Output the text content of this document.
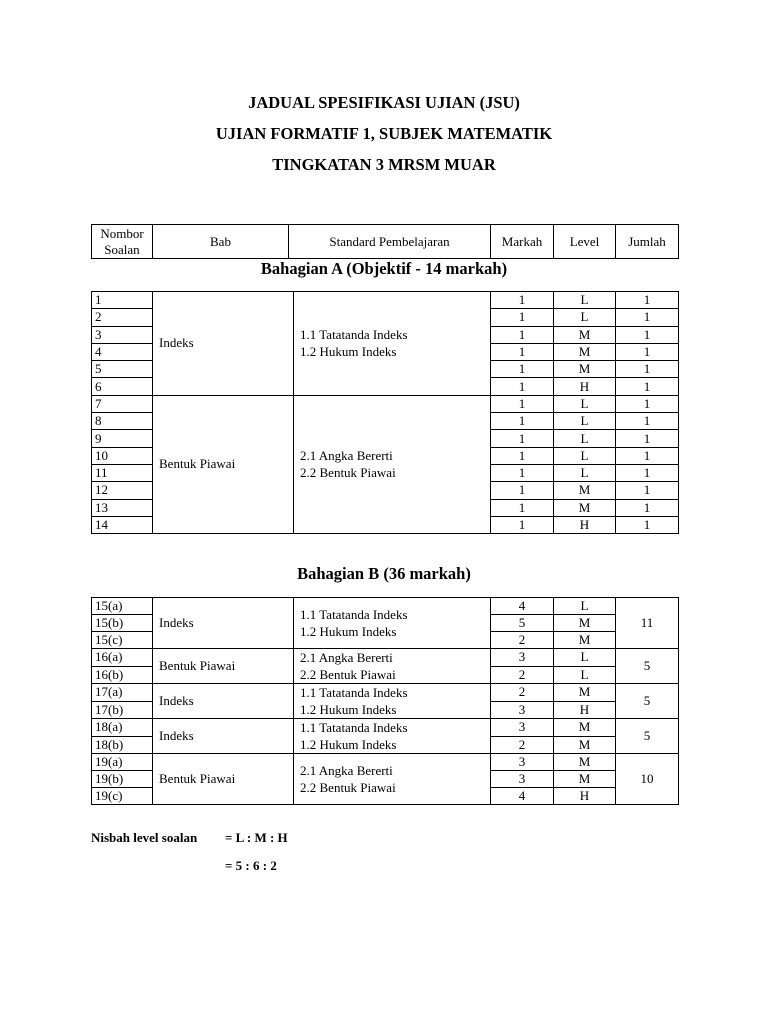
JADUAL SPESIFIKASI UJIAN (JSU)
UJIAN FORMATIF 1, SUBJEK MATEMATIK
TINGKATAN 3 MRSM MUAR
Nombor
Soalan
	Bab	Standard Pembelajaran	Markah	Level	Jumlah
Bahagian A (Objektif - 14 markah)
1	Indeks	1.1 Tatatanda Indeks
1.2 Hukum Indeks	1	L	1
2			1	L	1
3			1	M	1
4			1	M	1
5			1	M	1
6			1	H	1
7	Bentuk Piawai	2.1 Angka Bererti
2.2 Bentuk Piawai	1	L	1
8			1	L	1
9			1	L	1
10			1	L	1
11			1	L	1
12			1	M	1
13			1	M	1
14			1	H	1
Bahagian B (36 markah)
15(a)	Indeks	1.1 Tatatanda Indeks
1.2 Hukum Indeks	4	L	11
15(b)			5	M	
15(c)			2	M	
16(a)	Bentuk Piawai	2.1 Angka Bererti
2.2 Bentuk Piawai	3	L	5
16(b)			2	L	
17(a)	Indeks	1.1 Tatatanda Indeks
1.2 Hukum Indeks	2	M	5
17(b)			3	H	
18(a)	Indeks	1.1 Tatatanda Indeks
1.2 Hukum Indeks	3	M	5
18(b)			2	M	
19(a)	Bentuk Piawai	2.1 Angka Bererti
2.2 Bentuk Piawai	3	M	10
19(b)			3	M	
19(c)			4	H	
Nisbah level soalan = L : M : H
= 5 : 6 : 2
